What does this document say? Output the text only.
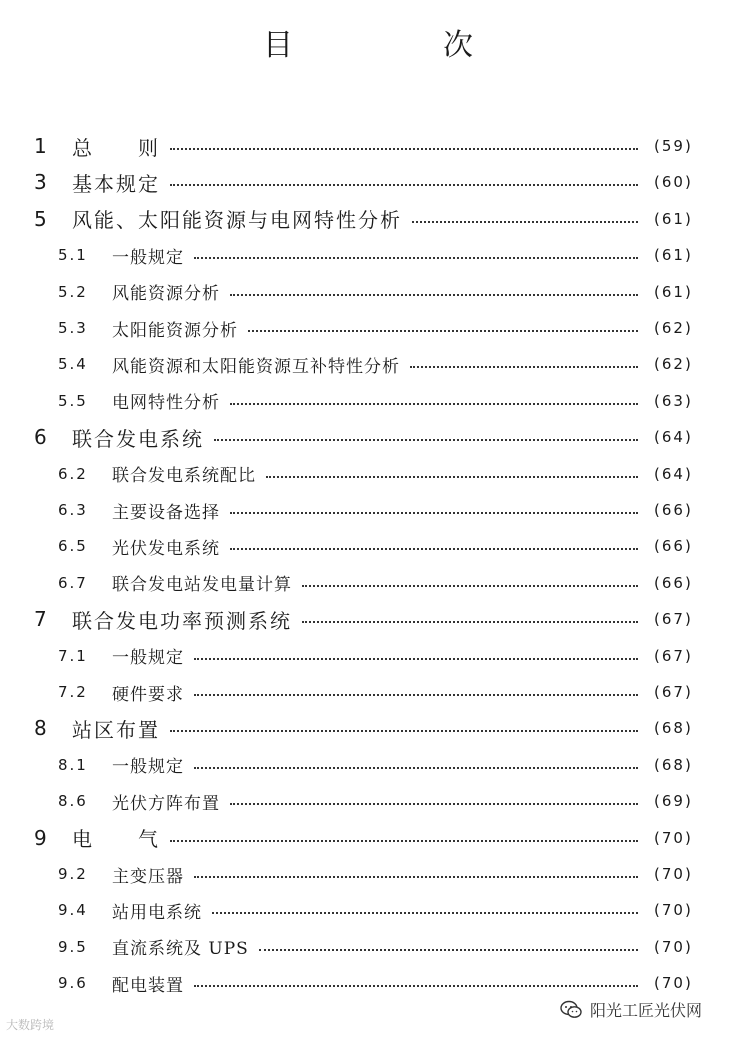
目　次
1 总　　则	(59)
3 基本规定	(60)
5 风能、太阳能资源与电网特性分析	(61)
5.1 一般规定	(61)
5.2 风能资源分析	(61)
5.3 太阳能资源分析	(62)
5.4 风能资源和太阳能资源互补特性分析	(62)
5.5 电网特性分析	(63)
6 联合发电系统	(64)
6.2 联合发电系统配比	(64)
6.3 主要设备选择	(66)
6.5 光伏发电系统	(66)
6.7 联合发电站发电量计算	(66)
7 联合发电功率预测系统	(67)
7.1 一般规定	(67)
7.2 硬件要求	(67)
8 站区布置	(68)
8.1 一般规定	(68)
8.6 光伏方阵布置	(69)
9 电　　气	(70)
9.2 主变压器	(70)
9.4 站用电系统	(70)
9.5 直流系统及 UPS	(70)
9.6 配电装置	(70)
大数跨境
阳光工匠光伏网
